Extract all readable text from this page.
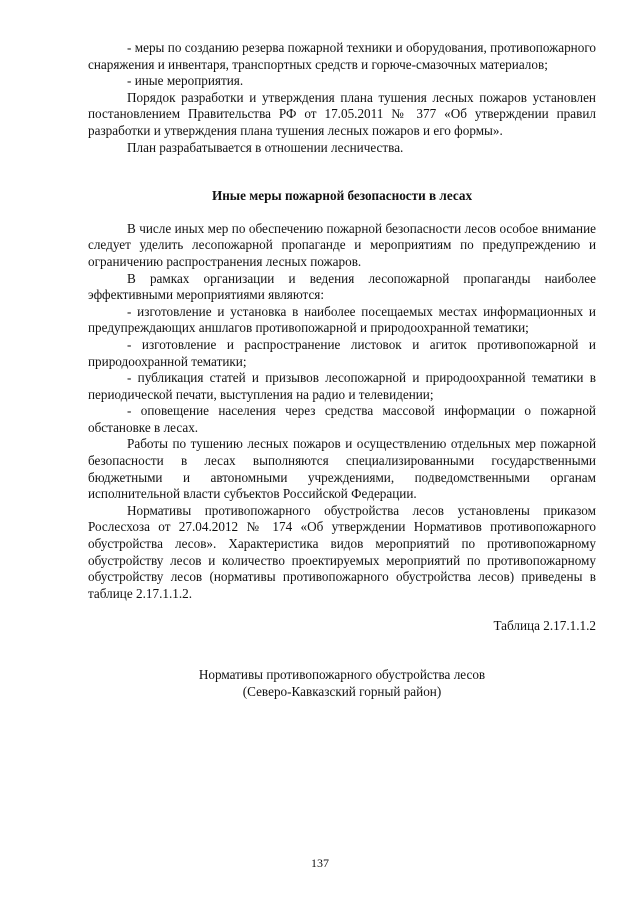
- меры по созданию резерва пожарной техники и оборудования, противопожарного снаряжения и инвентаря, транспортных средств и горюче-смазочных материалов;

- иные мероприятия.

Порядок разработки и утверждения плана тушения лесных пожаров установлен постановлением Правительства РФ от 17.05.2011 № 377 «Об утверждении правил разработки и утверждения плана тушения лесных пожаров и его формы».

План разрабатывается в отношении лесничества.

Иные меры пожарной безопасности в лесах

В числе иных мер по обеспечению пожарной безопасности лесов особое внимание следует уделить лесопожарной пропаганде и мероприятиям по предупреждению и ограничению распространения лесных пожаров.

В рамках организации и ведения лесопожарной пропаганды наиболее эффективными мероприятиями являются:

- изготовление и установка в наиболее посещаемых местах информационных и предупреждающих аншлагов противопожарной и природоохранной тематики;

- изготовление и распространение листовок и агиток противопожарной и природоохранной тематики;

- публикация статей и призывов лесопожарной и природоохранной тематики в периодической печати, выступления на радио и телевидении;

- оповещение населения через средства массовой информации о пожарной обстановке в лесах.

Работы по тушению лесных пожаров и осуществлению отдельных мер пожарной безопасности в лесах выполняются специализированными государственными бюджетными и автономными учреждениями, подведомственными органам исполнительной власти субъектов Российской Федерации.

Нормативы противопожарного обустройства лесов установлены приказом Рослесхоза от 27.04.2012 № 174 «Об утверждении Нормативов противопожарного обустройства лесов». Характеристика видов мероприятий по противопожарному обустройству лесов и количество проектируемых мероприятий по противопожарному обустройству лесов (нормативы противопожарного обустройства лесов) приведены в таблице 2.17.1.1.2.

Таблица 2.17.1.1.2

Нормативы противопожарного обустройства лесов

(Северо-Кавказский горный район)

137
